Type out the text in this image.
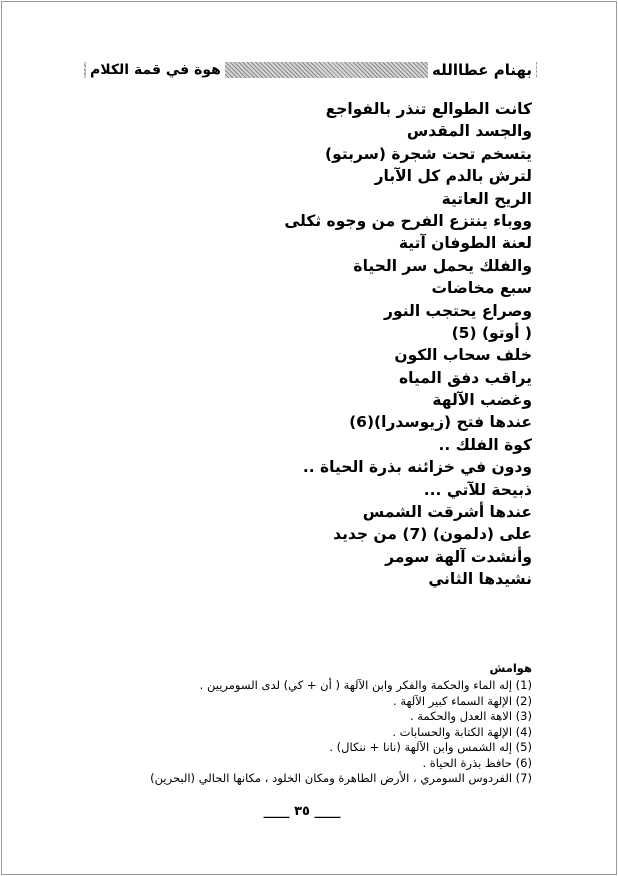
بهنام عطاالله
هوة في قمة الكلام
كانت الطوالع تنذر بالفواجع
والجسد المقدس
يتسخم تحت شجرة (سربتو)
لترش بالدم كل الآبار
الريح العاتية
ووباء ينتزع الفرح من وجوه ثكلى
لعنة الطوفان آتية
والفلك يحمل سر الحياة
سبع مخاضات
وصراع يحتجب النور
( أوتو) (5)
خلف سحاب الكون
يراقب دفق المياه
وغضب الآلهة
عندها فتح (زيوسدرا)(6)
كوة الفلك ..
ودون في خزائنه بذرة الحياة ..
ذبيحة للآتي ...
عندها أشرقت الشمس
على (دلمون) (7) من جديد
وأنشدت آلهة سومر
نشيدها الثاني
هوامش
(1) إله الماء والحكمة والفكر وابن الآلهة ( أن + كي) لدى السومريين .
(2) الإلهة السماء كبير الآلهة .
(3) الاهة العدل والحكمة .
(4) الإلهة الكتابة والحسابات .
(5) إله الشمس وابن الآلهة (نانا + ننكال) .
(6) حافظ بذرة الحياة .
(7) الفردوس السومري ، الأرض الطاهرة ومكان الخلود ، مكانها الحالي (البحرين)
____ ٣٥ ____
